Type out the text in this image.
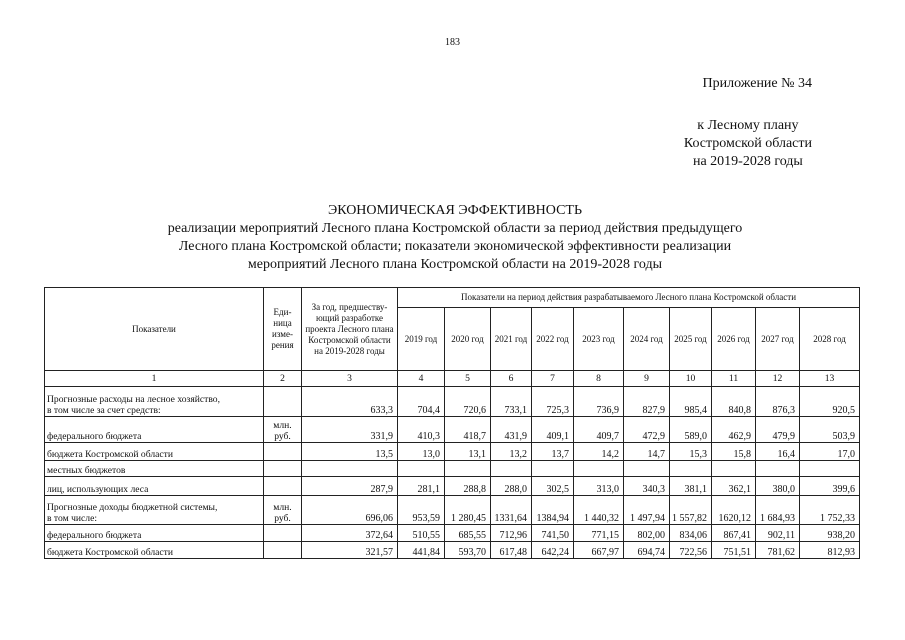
183
Приложение № 34
к Лесному плану
Костромской области
на 2019-2028 годы
ЭКОНОМИЧЕСКАЯ ЭФФЕКТИВНОСТЬ
реализации мероприятий Лесного плана Костромской области за период действия предыдущего
Лесного плана Костромской области; показатели экономической эффективности реализации
мероприятий Лесного плана Костромской области на 2019-2028 годы
Показатели	Еди-ница изме-рения	За год, предшеству-ющий разработке проекта Лесного плана Костромской области на 2019-2028 годы	Показатели на период действия разрабатываемого Лесного плана Костромской области									
			2019 год	2020 год	2021 год	2022 год	2023 год	2024 год	2025 год	2026 год	2027 год	2028 год
1	2	3	4	5	6	7	8	9	10	11	12	13

Прогнозные расходы на лесное хозяйство,
в том числе за счет средств:		633,3	704,4	720,6	733,1	725,3	736,9	827,9	985,4	840,8	876,3	920,5

федерального бюджета	млн. руб.	331,9	410,3	418,7	431,9	409,1	409,7	472,9	589,0	462,9	479,9	503,9

бюджета Костромской области		13,5	13,0	13,1	13,2	13,7	14,2	14,7	15,3	15,8	16,4	17,0

местных бюджетов												

лиц, использующих леса		287,9	281,1	288,8	288,0	302,5	313,0	340,3	381,1	362,1	380,0	399,6

Прогнозные доходы бюджетной системы,
в том числе:	млн. руб.	696,06	953,59	1 280,45	1331,64	1384,94	1 440,32	1 497,94	1 557,82	1620,12	1 684,93	1 752,33

федерального бюджета		372,64	510,55	685,55	712,96	741,50	771,15	802,00	834,06	867,41	902,11	938,20

бюджета Костромской области		321,57	441,84	593,70	617,48	642,24	667,97	694,74	722,56	751,51	781,62	812,93
